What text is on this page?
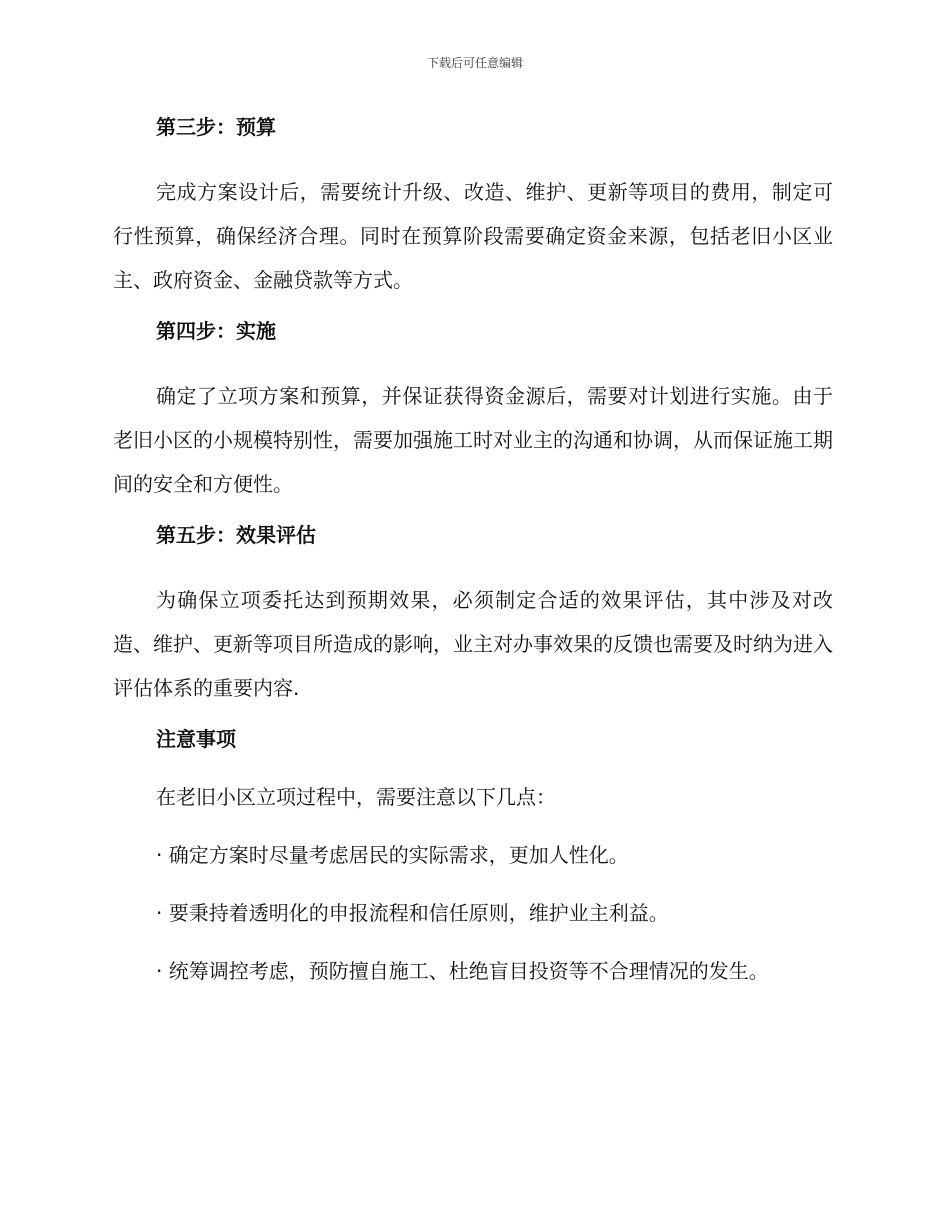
下载后可任意编辑
第三步：预算
完成方案设计后，需要统计升级、改造、维护、更新等项目的费用，制定可行性预算，确保经济合理。同时在预算阶段需要确定资金来源，包括老旧小区业主、政府资金、金融贷款等方式。
第四步：实施
确定了立项方案和预算，并保证获得资金源后，需要对计划进行实施。由于老旧小区的小规模特别性，需要加强施工时对业主的沟通和协调，从而保证施工期间的安全和方便性。
第五步：效果评估
为确保立项委托达到预期效果，必须制定合适的效果评估，其中涉及对改造、维护、更新等项目所造成的影响，业主对办事效果的反馈也需要及时纳为进入评估体系的重要内容.
注意事项
在老旧小区立项过程中，需要注意以下几点：
· 确定方案时尽量考虑居民的实际需求，更加人性化。
· 要秉持着透明化的申报流程和信任原则，维护业主利益。
· 统筹调控考虑，预防擅自施工、杜绝盲目投资等不合理情况的发生。
